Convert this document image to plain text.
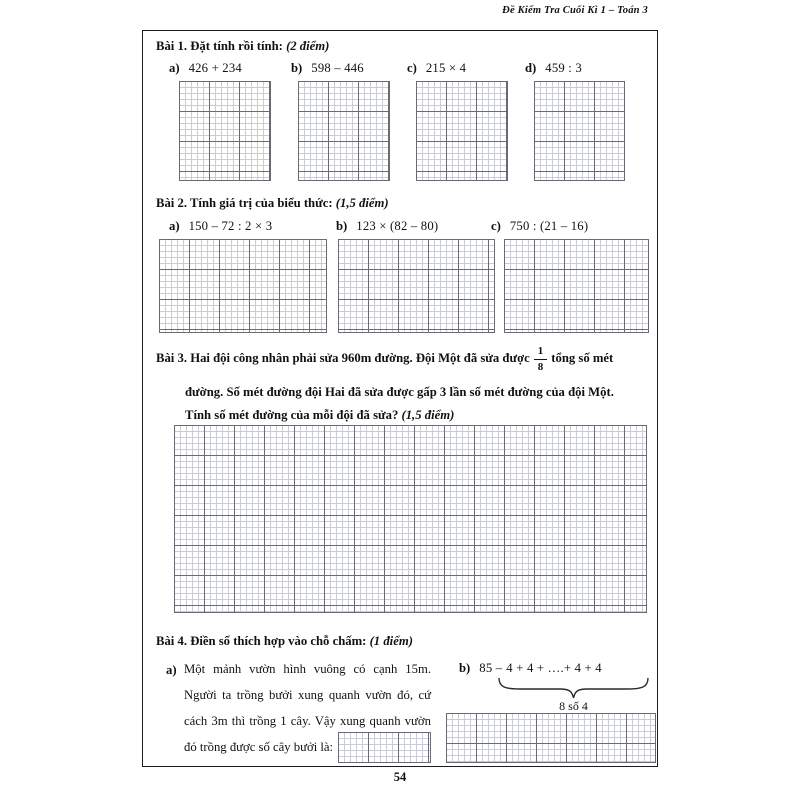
Đề Kiểm Tra Cuối Kì 1 – Toán 3
Bài 1. Đặt tính rồi tính: (2 điểm)
a) 426 + 234	b) 598 – 446	c) 215 × 4	d) 459 : 3
Bài 2. Tính giá trị của biểu thức: (1,5 điểm)
a) 150 – 72 : 2 × 3	b) 123 × (82 – 80)	c) 750 : (21 – 16)
Bài 3. Hai đội công nhân phải sửa 960m đường. Đội Một đã sửa được $\frac{1}{8}$ tổng số mét
đường. Số mét đường đội Hai đã sửa được gấp 3 lần số mét đường của đội Một.
Tính số mét đường của mỗi đội đã sửa? (1,5 điểm)
Bài 4. Điền số thích hợp vào chỗ chấm: (1 điểm)
a) Một mảnh vườn hình vuông có cạnh 15m.
Người ta trồng bưởi xung quanh vườn đó, cứ
cách 3m thì trồng 1 cây. Vậy xung quanh vườn
đó trồng được số cây bưởi là:
b) 85 – 4 + 4 + ….+ 4 + 4
8 số 4
54
